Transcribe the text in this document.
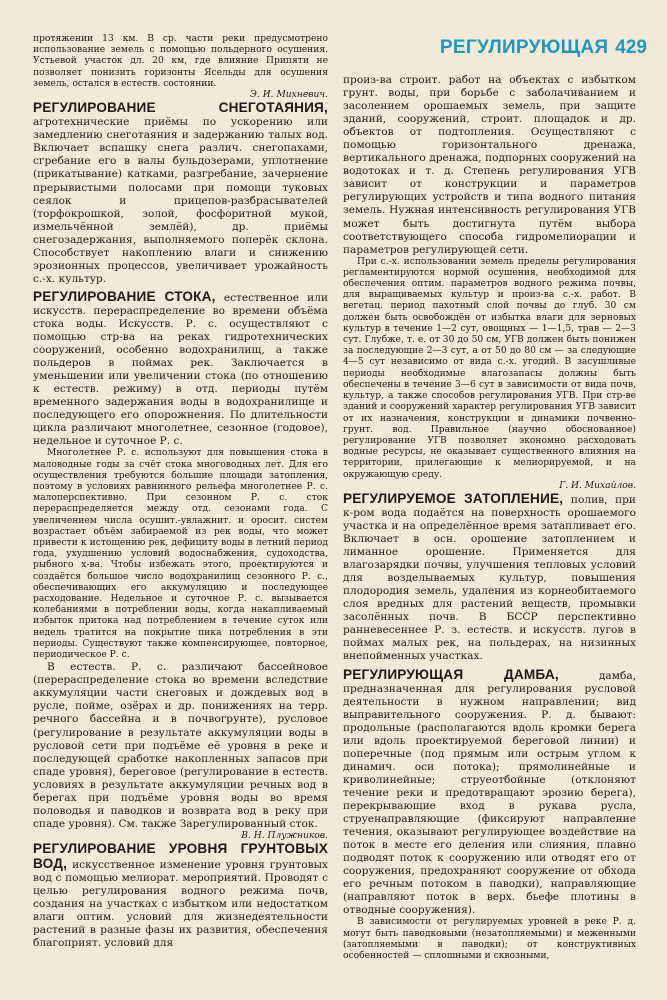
РЕГУЛИРУЮЩАЯ 429

протяжении 13 км. В ср. части реки предусмотрено использование земель с помощью польдерного осушения. Устьевой участок дл. 20 км, где влияние Припяти не позволяет понизить горизонты Ясельды для осушения земель, остался в естеств. состоянии.

Э. И. Михневич.

РЕГУЛИРОВАНИЕ СНЕГОТАЯНИЯ, агротехнические приёмы по ускорению или замедлению снеготаяния и задержанию талых вод. Включает вспашку снега различ. снегопахами, сгребание его в валы бульдозерами, уплотнение (прикатывание) катками, разгребание, зачернение прерывистыми полосами при помощи туковых сеялок и прицепов-разбрасывателей (торфокрошкой, золой, фосфоритной мукой, измельчённой землёй), др. приёмы снегозадержания, выполняемого поперёк склона. Способствует накоплению влаги и снижению эрозионных процессов, увеличивает урожайность с.-х. культур.

РЕГУЛИРОВАНИЕ СТОКА, естественное или искусств. перераспределение во времени объёма стока воды. Искусств. Р. с. осуществляют с помощью стр-ва на реках гидротехнических сооружений, особенно водохранилищ, а также польдеров в поймах рек. Заключается в уменьшении или увеличении стока (по отношению к естеств. режиму) в отд. периоды путём временного задержания воды в водохранилище и последующего его опорожнения. По длительности цикла различают многолетнее, сезонное (годовое), недельное и суточное Р. с.

Многолетнее Р. с. используют для повышения стока в маловодные годы за счёт стока многоводных лет. Для его осуществления требуются большие площади затопления, поэтому в условиях равнинного рельефа многолетнее Р. с. малоперспективно. При сезонном Р. с. сток перераспределяется между отд. сезонами года. С увеличением числа осушит.-увлажнит. и ороcит. систем возрастает объём забираемой из рек воды, что может привести к истощению рек, дефициту воды в летний период года, ухудшению условий водоснабжения, судоходства, рыбного х-ва. Чтобы избежать этого, проектируются и создаётся большое число водохранилищ сезонного Р. с., обеспечивающих его аккумуляцию и последующее расходование. Недельное и суточное Р. с. вызывается колебаниями в потреблении воды, когда накапливаемый избыток притока над потреблением в течение суток или недель тратится на покрытие пика потребления в эти периоды. Существуют также компенсирующее, повторное, периодическое Р. с.

В естеств. Р. с. различают бассейновое (перераспределение стока во времени вследствие аккумуляции части снеговых и дождевых вод в русле, пойме, озёрах и др. понижениях на терр. речного бассейна и в почвогрунте), русловое (регулирование в результате аккумуляции воды в русловой сети при подъёме её уровня в реке и последующей сработке накопленных запасов при спаде уровня), береговое (регулирование в естеств. условиях в результате аккумуляции речных вод в берегах при подъёме уровня воды во время половодья и паводков и возврата вод в реку при спаде уровня). См. также Зарегулированный сток.

В. Н. Плужников.

РЕГУЛИРОВАНИЕ УРОВНЯ ГРУНТОВЫХ ВОД, искусственное изменение уровня грунтовых вод с помощью мелиорат. мероприятий. Проводят с целью регулирования водного режима почв, создания на участках с избытком или недостатком влаги оптим. условий для жизнедеятельности растений в разные фазы их развития, обеспечения благоприят. условий для

произ-ва строит. работ на объектах с избытком грунт. воды, при борьбе с заболачиванием и засолением орошаемых земель, при защите зданий, сооружений, строит. площадок и др. объектов от подтопления. Осуществляют с помощью горизонтального дренажа, вертикального дренажа, подпорных сооружений на водотоках и т. д. Степень регулирования УГВ зависит от конструкции и параметров регулирующих устройств и типа водного питания земель. Нужная интенсивность регулирования УГВ может быть достигнута путём выбора соответствующего способа гидромелиорации и параметров регулирующей сети.

При с.-х. использовании земель пределы регулирования регламентируются нормой осушения, необходимой для обеспечения оптим. параметров водного режима почвы, для выращиваемых культур и произ-ва с.-х. работ. В вегетац. период пахотный слой почвы до глуб. 30 см должен быть освобождён от избытка влаги для зерновых культур в течение 1—2 сут, овощных — 1—1,5, трав — 2—3 сут. Глубже, т. е. от 30 до 50 см, УГВ должен быть понижен за последующие 2—3 сут, а от 50 до 80 см — за следующие 4—5 сут независимо от вида с.-х. угодий. В засушливые периоды необходимые влагозапасы должны быть обеспечены в течение 3—6 сут в зависимости от вида почв, культур, а также способов регулирования УГВ. При стр-ве зданий и сооружений характер регулирования УГВ зависит от их назначения, конструкции и динамики почвенно-грунт. вод. Правильное (научно обоснованное) регулирование УГВ позволяет экономно расходовать водные ресурсы, не оказывает существенного влияния на территории, прилегающие к мелиорируемой, и на окружающую среду.

Г. И. Михайлов.

РЕГУЛИРУЕМОЕ ЗАТОПЛЕНИЕ, полив, при к-ром вода подаётся на поверхность орошаемого участка и на определённое время затапливает его. Включает в осн. орошение затоплением и лиманное орошение. Применяется для влагозарядки почвы, улучшения тепловых условий для возделываемых культур, повышения плодородия земель, удаления из корнеобитаемого слоя вредных для растений веществ, промывки засолённых почв. В БССР перспективно ранневесеннее Р. з. естеств. и искусств. лугов в поймах малых рек, на польдерах, на низинных внепойменных участках.

РЕГУЛИРУЮЩАЯ ДАМБА,	дамба, предназначенная для регулирования русловой деятельности в нужном направлении; вид выправительного сооружения. Р. д. бывают: продольные (располагаются вдоль кромки берега или вдоль проектируемой береговой линии) и поперечные (под прямым или острым углом к динамич. оси потока); прямолинейные и криволинейные; струеотбойные (отклоняют течение реки и предотвращают эрозию берега), перекрывающие вход в рукава русла, струенаправляющие (фиксируют направление течения, оказывают регулирующее воздействие на поток в месте его деления или слияния, плавно подводят поток к сооружению или отводят его от сооружения, предохраняют сооружение от обхода его речным потоком в паводки), направляющие (направляют поток в верх. бьефе плотины в отводные сооружения).

В зависимости от регулируемых уровней в реке Р. д. могут быть паводковыми (незатопляемыми) и меженными (затопляемыми в паводки); от конструктивных особенностей — сплошными и сквозными,
